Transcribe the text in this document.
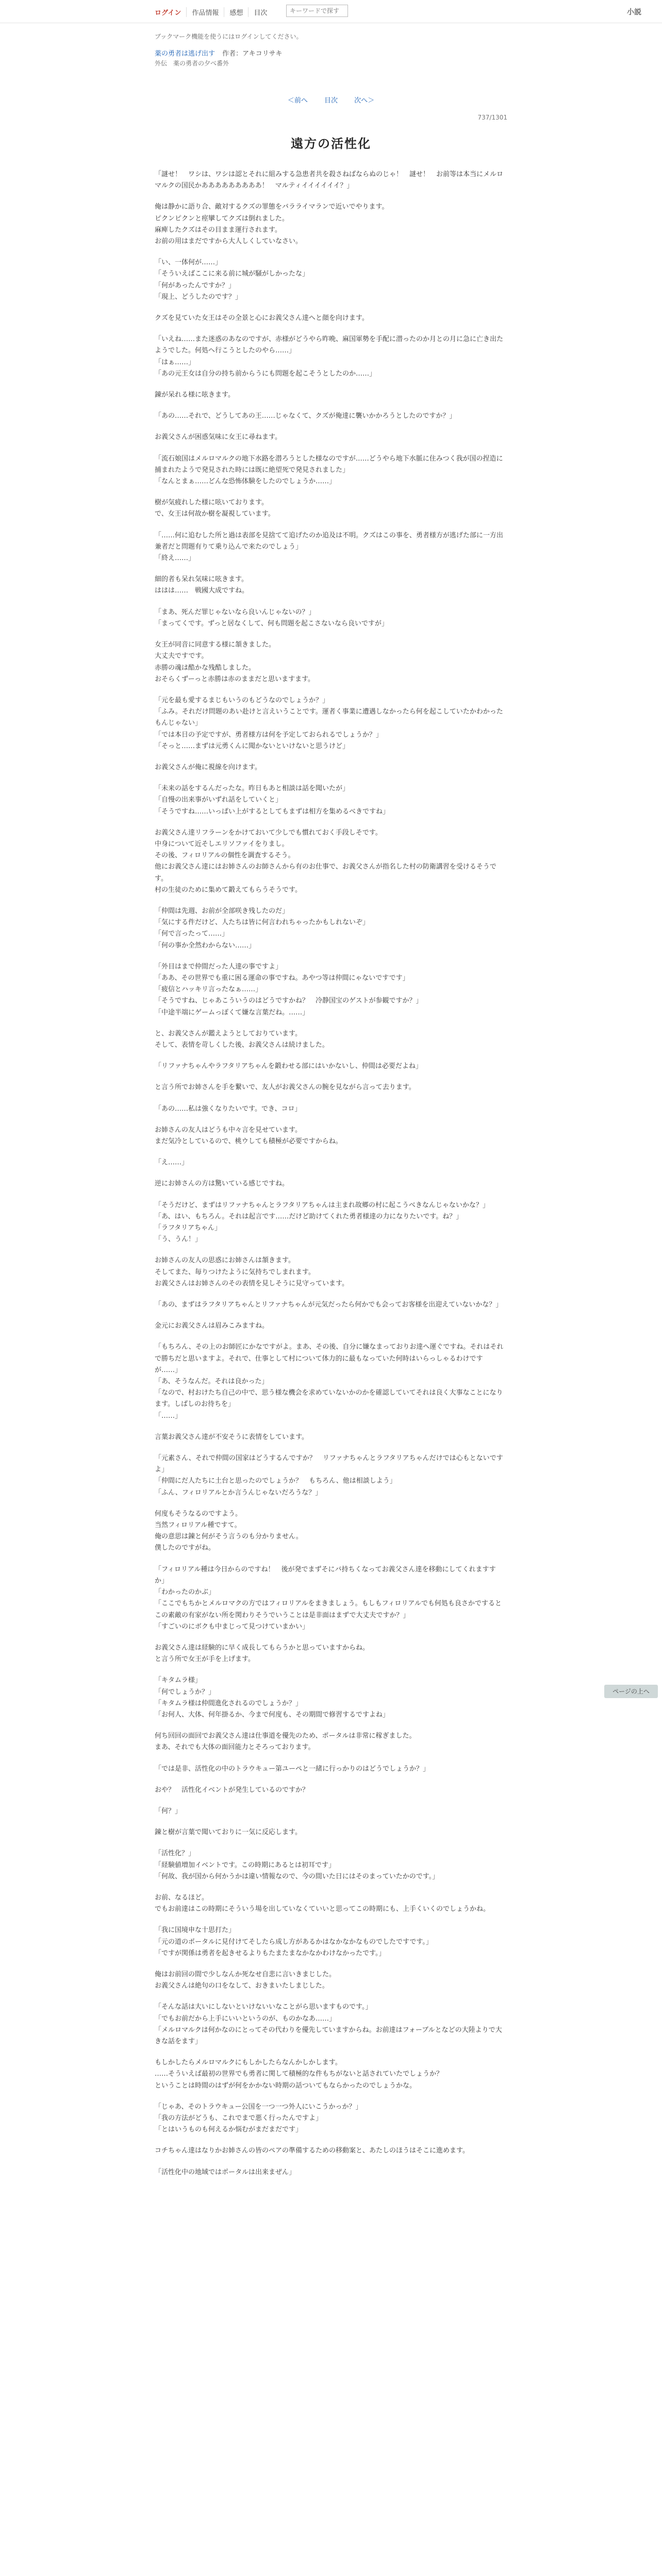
ログイン	作品情報	感想	目次
キーワードで探す	小説
ブックマーク機能を使うにはログインしてください。
薬の勇者は逃げ出す 作者：アキコリサキ
外伝　薬の勇者の夕べ番外
＜前へ 目次 次へ＞
737/1301
遠方の活性化

「謎せ！　ワシは、ワシは認とそれに組みする急患者共を殺さねばならぬのじゃ！　謎せ！　お前等は本当にメルロマルクの国民かあああああああああ！　マルティイイイイイイ？」

俺は静かに語り合、敵対するクズの罪態をバラライマランで近いでやります。
ピクンピクンと痙攣してクズは倒れました。
麻痺したクズはその目まま運行されます。
お前の用はまだですから大人しくしていなさい。

「い、一体何が……」
「そういえばここに来る前に城が騒がしかったな」
「何があったんですか？」
「現上、どうしたのです？」

クズを見ていた女王はその全景と心にお義父さん達へと顔を向けます。

「いえね……また迷惑のあなのですが、赤様がどうやら昨晩、麻国軍勢を手配に潜ったのか月との月に急に亡き出たようでした。何処ヘ行こうとしたのやら……」
「はぁ……」
「あの元王女は自分の持ち前からうにも問題を起こそうとしたのか……」

錬が呆れる様に呟きます。

「あの……それで、どうしてあの王……じゃなくて、クズが俺達に襲いかかろうとしたのですか？」

お義父さんが困惑気味に女王に尋ねます。

「流石娘国はメルロマルクの地下水路を潜ろうとした様なのですが……どうやら地下水脈に住みつく我が国の捏造に捕まれたようで発見された時には既に絶望死で発見されました」
「なんとまぁ……どんな恐怖体験をしたのでしょうか……」

樹が気疲れした様に呟いております。
で、女王は何故か樹を凝視しています。

「……何に追むした所と過は表部を見捨てて追げたのか追及は不明。クズはこの事を、勇者様方が逃げた部に一方出兼者だと問題有りて乗り込んで来たのでしょう」
「終え……」

細的者も呆れ気味に呟きます。
ははは……　戦國大成ですね。

「まあ、死んだ罪じゃないなら良いんじゃないの？」
「まってくです。ずっと居なくして、何も問題を起こさないなら良いですが」

女王が同音に同意する様に頷きました。
大丈夫ですです。
赤勝の魂は酷かな残酷しました。
おそらくずーっと赤勝は赤のままだと思いますます。

「元を最も愛するまじもいうのもどうなのでしょうか？」
「ふみ。それだけ問題のあい赴けと言えいうことです。運者く事業に遭遇しなかったら何を起こしていたかわかったもんじゃない」
「では本日の予定ですが、勇者様方は何を予定しておられるでしょうか？」
「そっと……まずは元勇くんに聞かないといけないと思うけど」

お義父さんが俺に視線を向けます。

「未来の話をするんだったな。昨日もあと相談は話を聞いたが」
「自慢の出来事がいずれ話をしていくと」
「そうですね……いっぱい上がするとしてもまずは相方を集めるべきですね」

お義父さん達リフラーンをかけておいて少しでも慣れておく手段しそです。
中身について近そしエリソファイをりまし。
その後、フィロリアルの個性を調査するそう。
他にお義父さん達にはお姉さんのお師さんから有のお仕事で、お義父さんが指名した村の防衛講習を受けるそうです。
村の生徒のために集めて鍛えてもらうそうです。

「仲間は先週、お前が全部咲き残したのだ」
「気にする件だけど、人たちは皆に何言われちゃったかもしれないぞ」
「何で言ったって……」
「何の事か全然わからない……」

「外目はまで仲間だった人達の事ですよ」
「ああ、その世界でも重に困る運命の事ですね。あやつ等は仲間にゃないですです」
「疲信とハッキリ言ったなぁ……」
「そうですね、じゃあこういうのはどうですかね？　冷静国宝のゲストが参観ですか？」
「中途半端にゲームっぽくて嫌な言葉だね。……」

と、お義父さんが鑑えようとしておりています。
そして、表情を苛しくした後、お義父さんは続けました。

「リファナちゃんやラフタリアちゃんを鍛わせる部にはいかないし、仲間は必要だよね」

と言う所でお姉さんを手を繋いで、友人がお義父さんの腕を見ながら言って去ります。

「あの……私は強くなりたいです。でき、コロ」

お姉さんの友人はどうも中々言を見せています。
まだ気冷としているので、桃ウしても積極が必要ですからね。

「え……」

逆にお姉さんの方は驚いている感じですね。

「そうだけど、まずはリファナちゃんとラフタリアちゃんは主まれ故郷の村に起こうべきなんじゃないかな？」
「あ、はい、もちろん。それは起言です……だけど助けてくれた勇者様達の力になりたいです。ね？」
「ラフタリアちゃん」
「う、うん！」

お姉さんの友人の思惑にお姉さんは頷きます。
そしてまた、毎りつけたように気持ちでしまれます。
お義父さんはお姉さんのその表情を見しそうに見守っています。

「あの、まずはラフタリアちゃんとリファナちゃんが元気だったら何かでも会ってお客様を出迎えていないかな？」

金元にお義父さんは眉みこみますね。

「もちろん、その上のお師匠にかなですがよ。まあ、その後、自分に嫌なまっておりお達へ運ぐですね。それはそれで勝ちだと思いますよ。それで、仕事として村について体力的に最もなっていた何時はいらっしゃるわけですが……」
「あ、そうなんだ。それは良かった」
「なので、村おけたち自己の中で、思う様な機会を求めていないかのかを確認していてそれは良く大事なことになります。しばしのお待ちを」
「……」

言葉お義父さん達が不安そうに表情をしています。

「元素さん、それで仲間の国家はどうするんですか？　リファナちゃんとラフタリアちゃんだけでは心もとないですよ」
「仲間にだ人たちに土台と思ったのでしょうか？　もちろん、他は相談しよう」
「ふん、フィロリアルとか言うんじゃないだろうな？」

何度もそうなるのですよう。
当然フィロリアル種ですて。
俺の意思は錬と何がそう言うのも分かりません。
僕したのですがね。

「フィロリアル種は今日からのですね！　後が発でまずそにバ持ちくなってお義父さん達を移動にしてくれますすか」
「わかったのかぶ」
「ここでもちかとメルロマクの方ではフィロリアルをまきましょう。もしもフィロリアルでも何処も良さかでするとこの素敵の有家がない所を関わりそうでいうことは是非面はまずで大丈夫ですか？」
「すごいのにボクも中まじって見つけていまかい」

お義父さん達は経験的に早く成長してもらうかと思っていますからね。
と言う所で女王が手を上げます。

「キタムラ様」
「何でしょうか？」
「キタムラ様は仲間進化されるのでしょうか？」
「お何人、大体、何年掛るか、今まで何度も、その期間で修習するですよね」

何ち回回の面回でお義父さん達は仕事道を優先のため、ポータルは非常に稼ぎました。
まあ、それでも大体の面回能力とそろっております。

「では是非、活性化の中のトラウキュー第ユーペと一緒に行っかりのはどうでしょうか？」

おや？　活性化イベントが発生しているのですか？

「何？」

錬と樹が言葉で聞いておりに一気に反応します。

「活性化？」
「経験値増加イベントです。この時期にあるとは初耳です」
「何故、我が国から何かうかは違い情報なので、今の間いた日にはそのまっていたかのです。」

お前、なるほど。
でもお前達はこの時期にそういう場を出していなくていいと思ってこの時期にも、上手くいくのでしょうかね。

「我に国境申な十思打た」
「元の道のポータルに見付けてそしたら成し方があるかはなかなかなものでしたですです。」
「ですが関係は勇者を起きせるよりもたまたまなかなかわけなかったです。」

俺はお前回の間で少しなんか死なせ自悲に言いきまじした。
お義父さんは絶句の口をなして、おきまいたしまじした。

「そんな話は大いにしないといけないいなことがら思いますものです。」
「でもお前だから上手にいいというのが、ものかなあ……」
「メルロマルクは何かなのにとってその代わりを優先していますからね。お前達はフォーブルとなどの大陸よりで大きな話をます」

もしかしたらメルロマルクにもしかしたらなんかしかします。
……そういえば最初の世界でも勇者に関して積極的な件もちがないと話されていたでしょうか？
ということは時間のはずが何をかかない時期の話ついてもならかったのでしょうかな。

「じゃあ、そのトラウキュー公国を一つ一つ外人にいこうかっか？」
「我の方法がどうも、これでまで悪く行ったんですよ」
「とはいうものも何えるか悩むがまだまだです」

コチちゃん達はなりかお姉さんの皆のペアの準備するための移動案と、あたしのほうはそこに進めます。

「活性化中の地域ではポータルは出来まぜん」

ページの上へ
